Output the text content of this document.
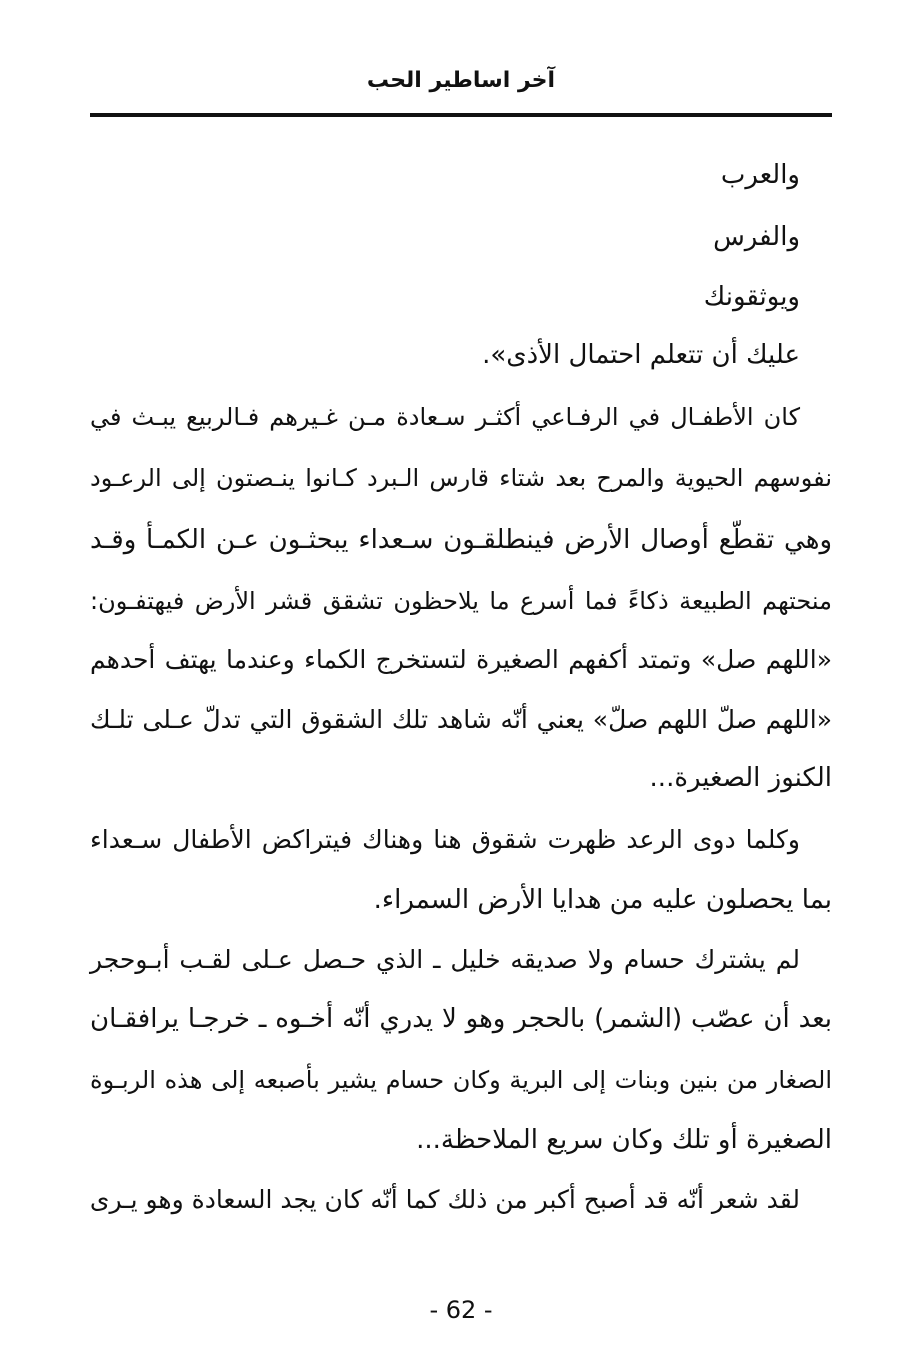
آخر اساطير الحب
والعرب
والفرس
ويوثقونك
عليك أن تتعلم احتمال الأذى».
كان الأطفـال في الرفـاعي أكثـر سـعادة مـن غـيرهم فـالربيع يبـث في
نفوسهم الحيوية والمرح بعد شتاء قارس الـبرد كـانوا ينـصتون إلى الرعـود
وهي تقطّع أوصال الأرض فينطلقـون سـعداء يبحثـون عـن الكمـأ وقـد
منحتهم الطبيعة ذكاءً فما أسرع ما يلاحظون تشقق قشر الأرض فيهتفـون:
«اللهم صل» وتمتد أكفهم الصغيرة لتستخرج الكماء وعندما يهتف أحدهم
«اللهم صلّ اللهم صلّ» يعني أنّه شاهد تلك الشقوق التي تدلّ عـلى تلـك
الكنوز الصغيرة...
وكلما دوى الرعد ظهرت شقوق هنا وهناك فيتراكض الأطفال سـعداء
بما يحصلون عليه من هدايا الأرض السمراء.
لم يشترك حسام ولا صديقه خليل ـ الذي حـصل عـلى لقـب أبـوحجر
بعد أن عصّب (الشمر) بالحجر وهو لا يدري أنّه أخـوه ـ خرجـا يرافقـان
الصغار من بنين وبنات إلى البرية وكان حسام يشير بأصبعه إلى هذه الربـوة
الصغيرة أو تلك وكان سريع الملاحظة...
لقد شعر أنّه قد أصبح أكبر من ذلك كما أنّه كان يجد السعادة وهو يـرى
- 62 -
